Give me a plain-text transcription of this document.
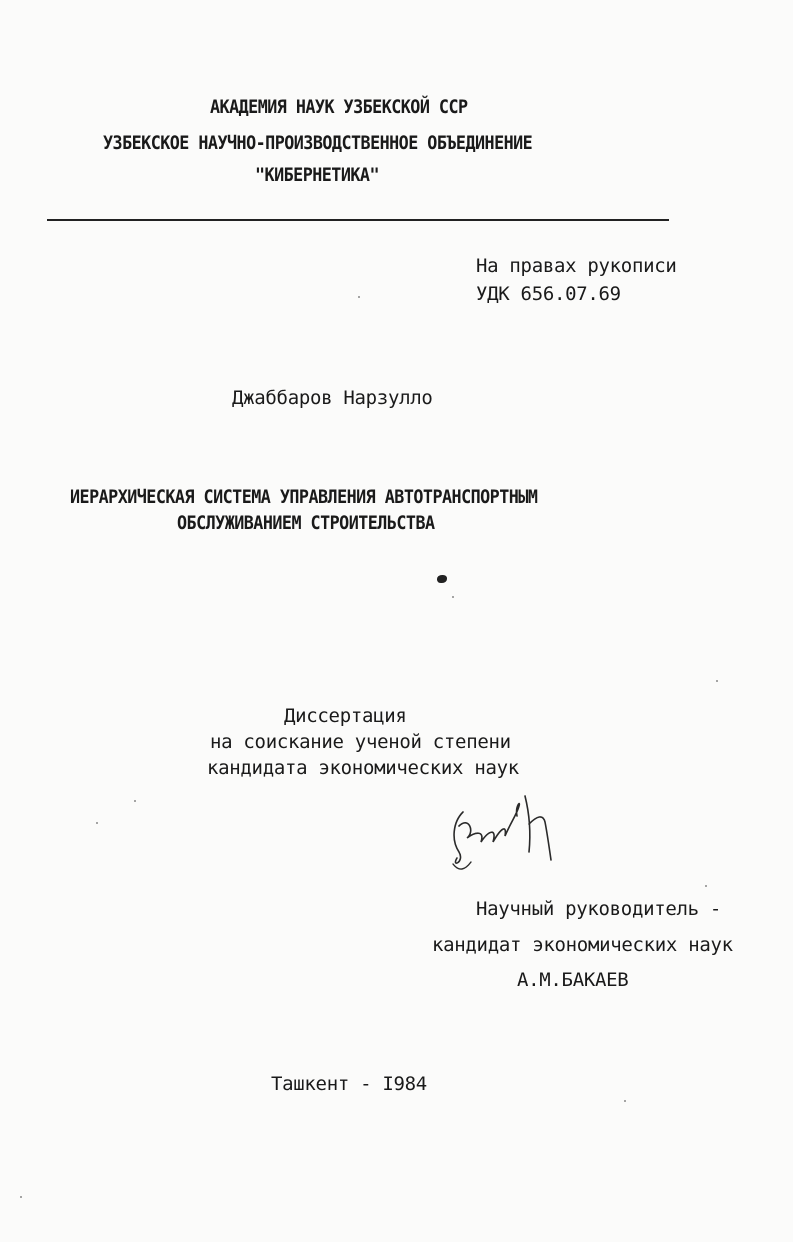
АКАДЕМИЯ НАУК УЗБЕКСКОЙ ССР
УЗБЕКСКОЕ НАУЧНО-ПРОИЗВОДСТВЕННОЕ ОБЪЕДИНЕНИЕ
"КИБЕРНЕТИКА"
На правах рукописи
УДК 656.07.69
Джаббаров Нарзулло
ИЕРАРХИЧЕСКАЯ СИСТЕМА УПРАВЛЕНИЯ АВТОТРАНСПОРТНЫМ
ОБСЛУЖИВАНИЕМ СТРОИТЕЛЬСТВА
Диссертация
на соискание ученой степени
кандидата экономических наук
Научный руководитель -
кандидат экономических наук
А.М.БАКАЕВ
Ташкент - I984
